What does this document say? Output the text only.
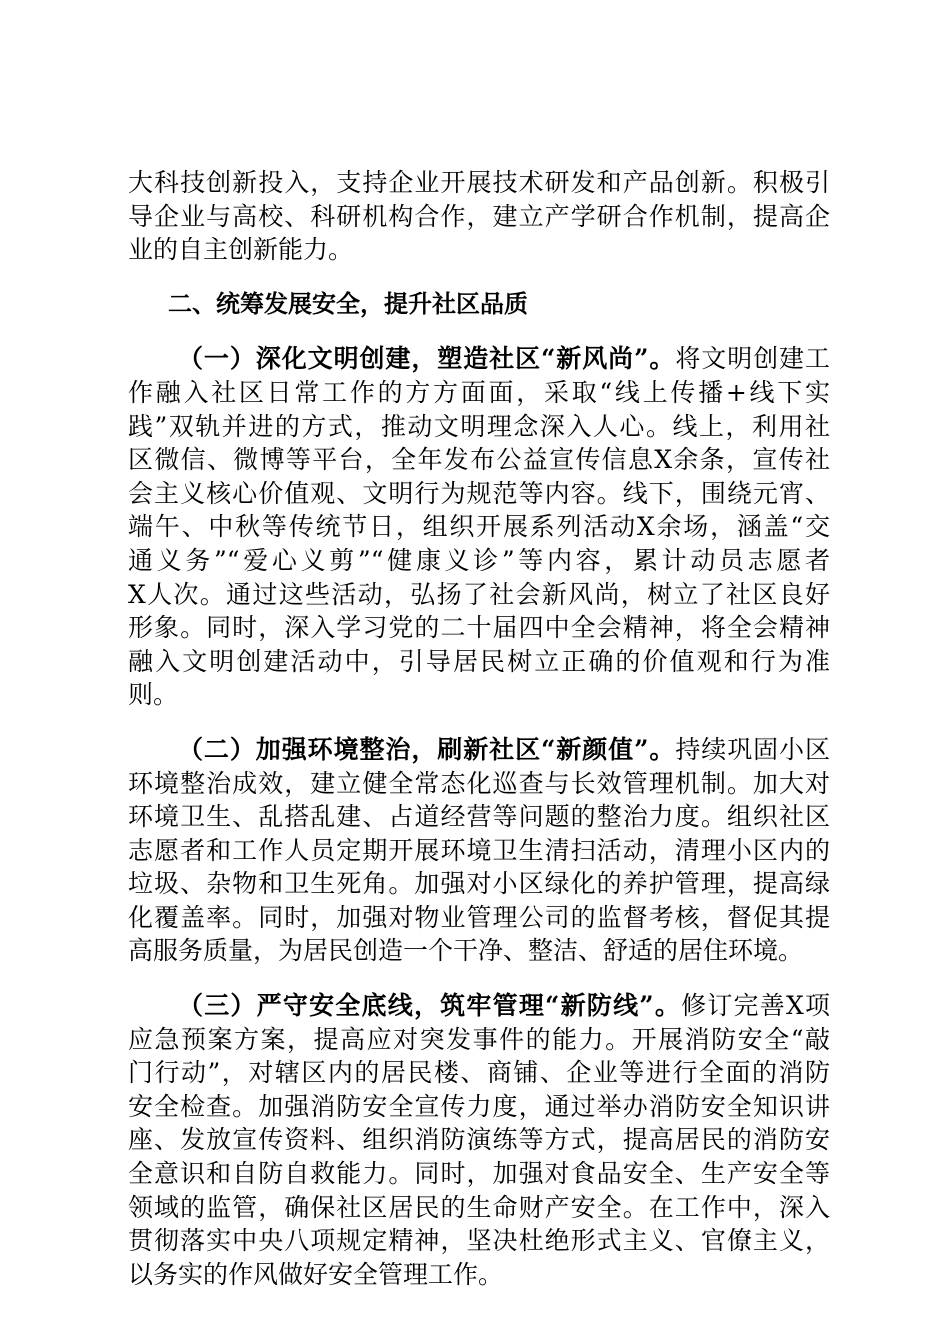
大科技创新投入，支持企业开展技术研发和产品创新。积极引
导企业与高校、科研机构合作，建立产学研合作机制，提高企
业的自主创新能力。
二、统筹发展安全，提升社区品质
（一）深化文明创建，塑造社区“新风尚”。将文明创建工
作融入社区日常工作的方方面面，采取“线上传播+线下实
践”双轨并进的方式，推动文明理念深入人心。线上，利用社
区微信、微博等平台，全年发布公益宣传信息X余条，宣传社
会主义核心价值观、文明行为规范等内容。线下，围绕元宵、
端午、中秋等传统节日，组织开展系列活动X余场，涵盖“交
通义务”“爱心义剪”“健康义诊”等内容，累计动员志愿者
X人次。通过这些活动，弘扬了社会新风尚，树立了社区良好
形象。同时，深入学习党的二十届四中全会精神，将全会精神
融入文明创建活动中，引导居民树立正确的价值观和行为准
则。
（二）加强环境整治，刷新社区“新颜值”。持续巩固小区
环境整治成效，建立健全常态化巡查与长效管理机制。加大对
环境卫生、乱搭乱建、占道经营等问题的整治力度。组织社区
志愿者和工作人员定期开展环境卫生清扫活动，清理小区内的
垃圾、杂物和卫生死角。加强对小区绿化的养护管理，提高绿
化覆盖率。同时，加强对物业管理公司的监督考核，督促其提
高服务质量，为居民创造一个干净、整洁、舒适的居住环境。
（三）严守安全底线，筑牢管理“新防线”。修订完善X项
应急预案方案，提高应对突发事件的能力。开展消防安全“敲
门行动”，对辖区内的居民楼、商铺、企业等进行全面的消防
安全检查。加强消防安全宣传力度，通过举办消防安全知识讲
座、发放宣传资料、组织消防演练等方式，提高居民的消防安
全意识和自防自救能力。同时，加强对食品安全、生产安全等
领域的监管，确保社区居民的生命财产安全。在工作中，深入
贯彻落实中央八项规定精神，坚决杜绝形式主义、官僚主义，
以务实的作风做好安全管理工作。
